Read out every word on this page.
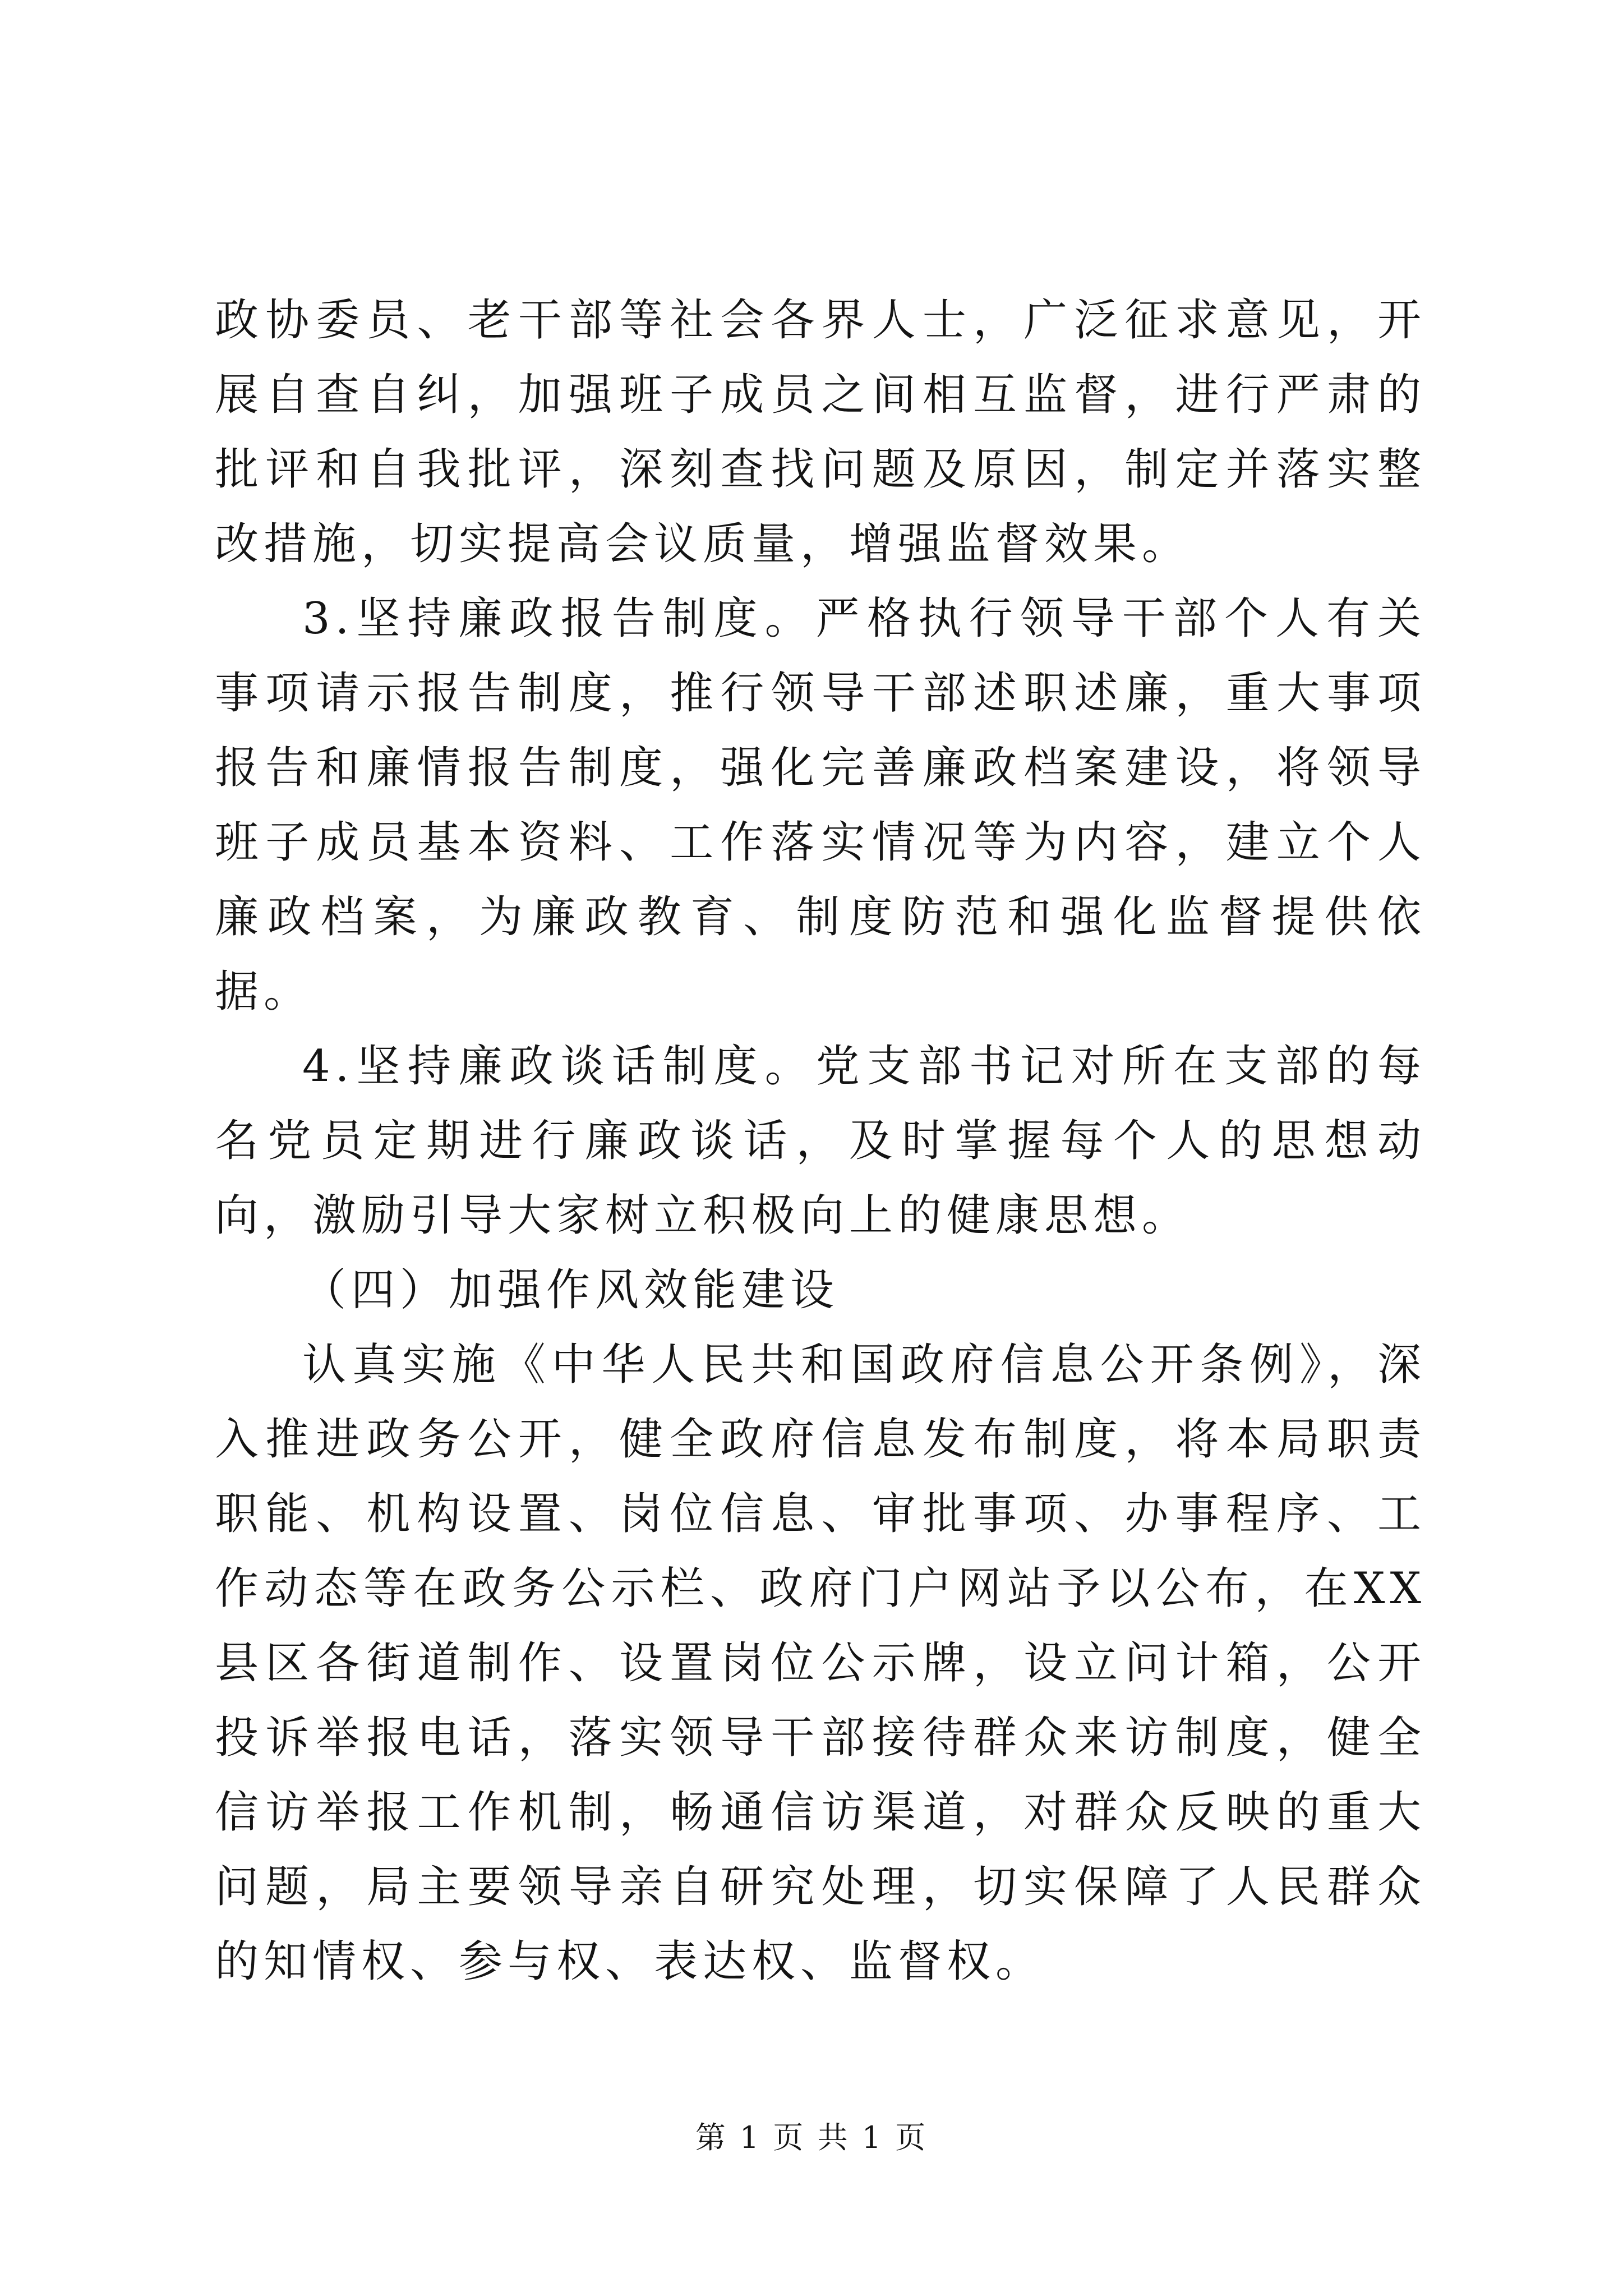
政协委员、老干部等社会各界人士，广泛征求意见，开展自查自纠，加强班子成员之间相互监督，进行严肃的批评和自我批评，深刻查找问题及原因，制定并落实整改措施，切实提高会议质量，增强监督效果。

3.坚持廉政报告制度。严格执行领导干部个人有关事项请示报告制度，推行领导干部述职述廉，重大事项报告和廉情报告制度，强化完善廉政档案建设，将领导班子成员基本资料、工作落实情况等为内容，建立个人廉政档案，为廉政教育、制度防范和强化监督提供依据。

4.坚持廉政谈话制度。党支部书记对所在支部的每名党员定期进行廉政谈话，及时掌握每个人的思想动向，激励引导大家树立积极向上的健康思想。

（四）加强作风效能建设

认真实施《中华人民共和国政府信息公开条例》，深入推进政务公开，健全政府信息发布制度，将本局职责职能、机构设置、岗位信息、审批事项、办事程序、工作动态等在政务公示栏、政府门户网站予以公布，在XX县区各街道制作、设置岗位公示牌，设立问计箱，公开投诉举报电话，落实领导干部接待群众来访制度，健全信访举报工作机制，畅通信访渠道，对群众反映的重大问题，局主要领导亲自研究处理，切实保障了人民群众的知情权、参与权、表达权、监督权。

第 1 页 共 1 页
